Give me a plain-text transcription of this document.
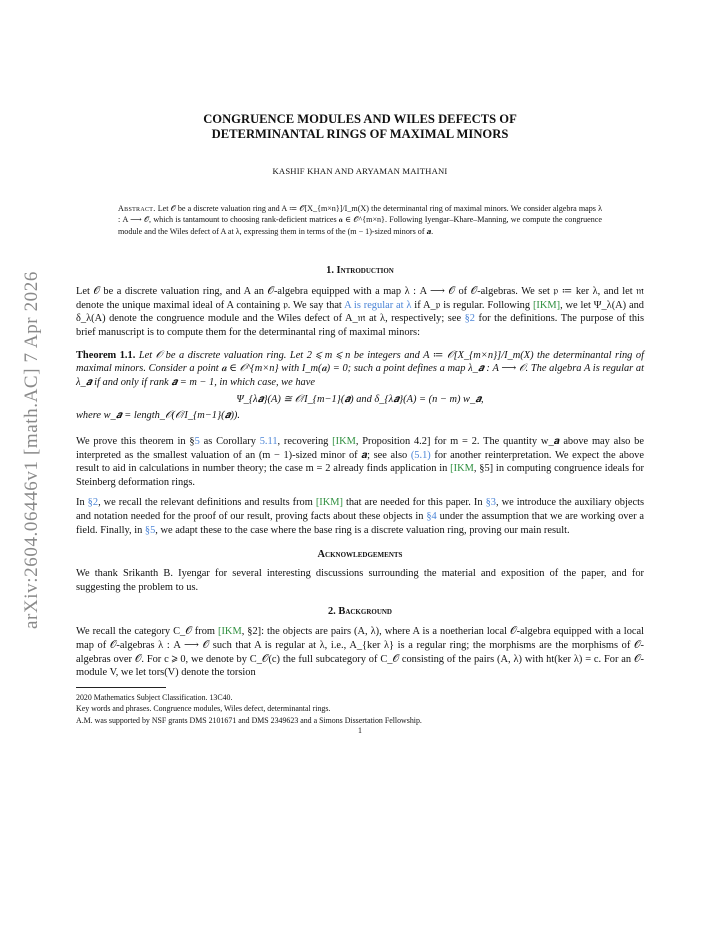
arXiv:2604.06446v1 [math.AC] 7 Apr 2026
CONGRUENCE MODULES AND WILES DEFECTS OF
DETERMINANTAL RINGS OF MAXIMAL MINORS
KASHIF KHAN AND ARYAMAN MAITHANI
Abstract. Let 𝒪 be a discrete valuation ring and A ≔ 𝒪[X_{m×n}]/I_m(X) the determinantal ring of maximal minors. We consider algebra maps λ : A ⟶ 𝒪, which is tantamount to choosing rank-deficient matrices 𝒂 ∈ 𝒪^{m×n}. Following Iyengar–Khare–Manning, we compute the congruence module and the Wiles defect of A at λ, expressing them in terms of the (m − 1)-sized minors of 𝒂.
1. Introduction

Let 𝒪 be a discrete valuation ring, and A an 𝒪-algebra equipped with a map λ : A ⟶ 𝒪 of 𝒪-algebras. We set 𝔭 ≔ ker λ, and let 𝔪 denote the unique maximal ideal of A containing 𝔭. We say that A is regular at λ if A_𝔭 is regular. Following [IKM], we let Ψ_λ(A) and δ_λ(A) denote the congruence module and the Wiles defect of A_𝔪 at λ, respectively; see §2 for the definitions. The purpose of this brief manuscript is to compute them for the determinantal ring of maximal minors:

Theorem 1.1. Let 𝒪 be a discrete valuation ring. Let 2 ⩽ m ⩽ n be integers and A ≔ 𝒪[X_{m×n}]/I_m(X) the determinantal ring of maximal minors. Consider a point 𝒂 ∈ 𝒪^{m×n} with I_m(𝒂) = 0; such a point defines a map λ_𝒂 : A ⟶ 𝒪. The algebra A is regular at λ_𝒂 if and only if rank 𝒂 = m − 1, in which case, we have

Ψ_{λ𝒂}(A) ≅ 𝒪/I_{m−1}(𝒂) and δ_{λ𝒂}(A) = (n − m) w_𝒂,

where w_𝒂 = length_𝒪(𝒪/I_{m−1}(𝒂)).

We prove this theorem in §5 as Corollary 5.11, recovering [IKM, Proposition 4.2] for m = 2. The quantity w_𝒂 above may also be interpreted as the smallest valuation of an (m − 1)-sized minor of 𝒂; see also (5.1) for another reinterpretation. We expect the above result to aid in calculations in number theory; the case m = 2 already finds application in [IKM, §5] in computing congruence ideals for Steinberg deformation rings.

In §2, we recall the relevant definitions and results from [IKM] that are needed for this paper. In §3, we introduce the auxiliary objects and notation needed for the proof of our result, proving facts about these objects in §4 under the assumption that we are working over a field. Finally, in §5, we adapt these to the case where the base ring is a discrete valuation ring, proving our main result.

Acknowledgements

We thank Srikanth B. Iyengar for several interesting discussions surrounding the material and exposition of the paper, and for suggesting the problem to us.

2. Background

We recall the category C_𝒪 from [IKM, §2]: the objects are pairs (A, λ), where A is a noetherian local 𝒪-algebra equipped with a local map of 𝒪-algebras λ : A ⟶ 𝒪 such that A is regular at λ, i.e., A_{ker λ} is a regular ring; the morphisms are the morphisms of 𝒪-algebras over 𝒪. For c ⩾ 0, we denote by C_𝒪(c) the full subcategory of C_𝒪 consisting of the pairs (A, λ) with ht(ker λ) = c. For an 𝒪-module V, we let tors(V) denote the torsion

2020 Mathematics Subject Classification. 13C40.
Key words and phrases. Congruence modules, Wiles defect, determinantal rings.
A.M. was supported by NSF grants DMS 2101671 and DMS 2349623 and a Simons Dissertation Fellowship.
1
